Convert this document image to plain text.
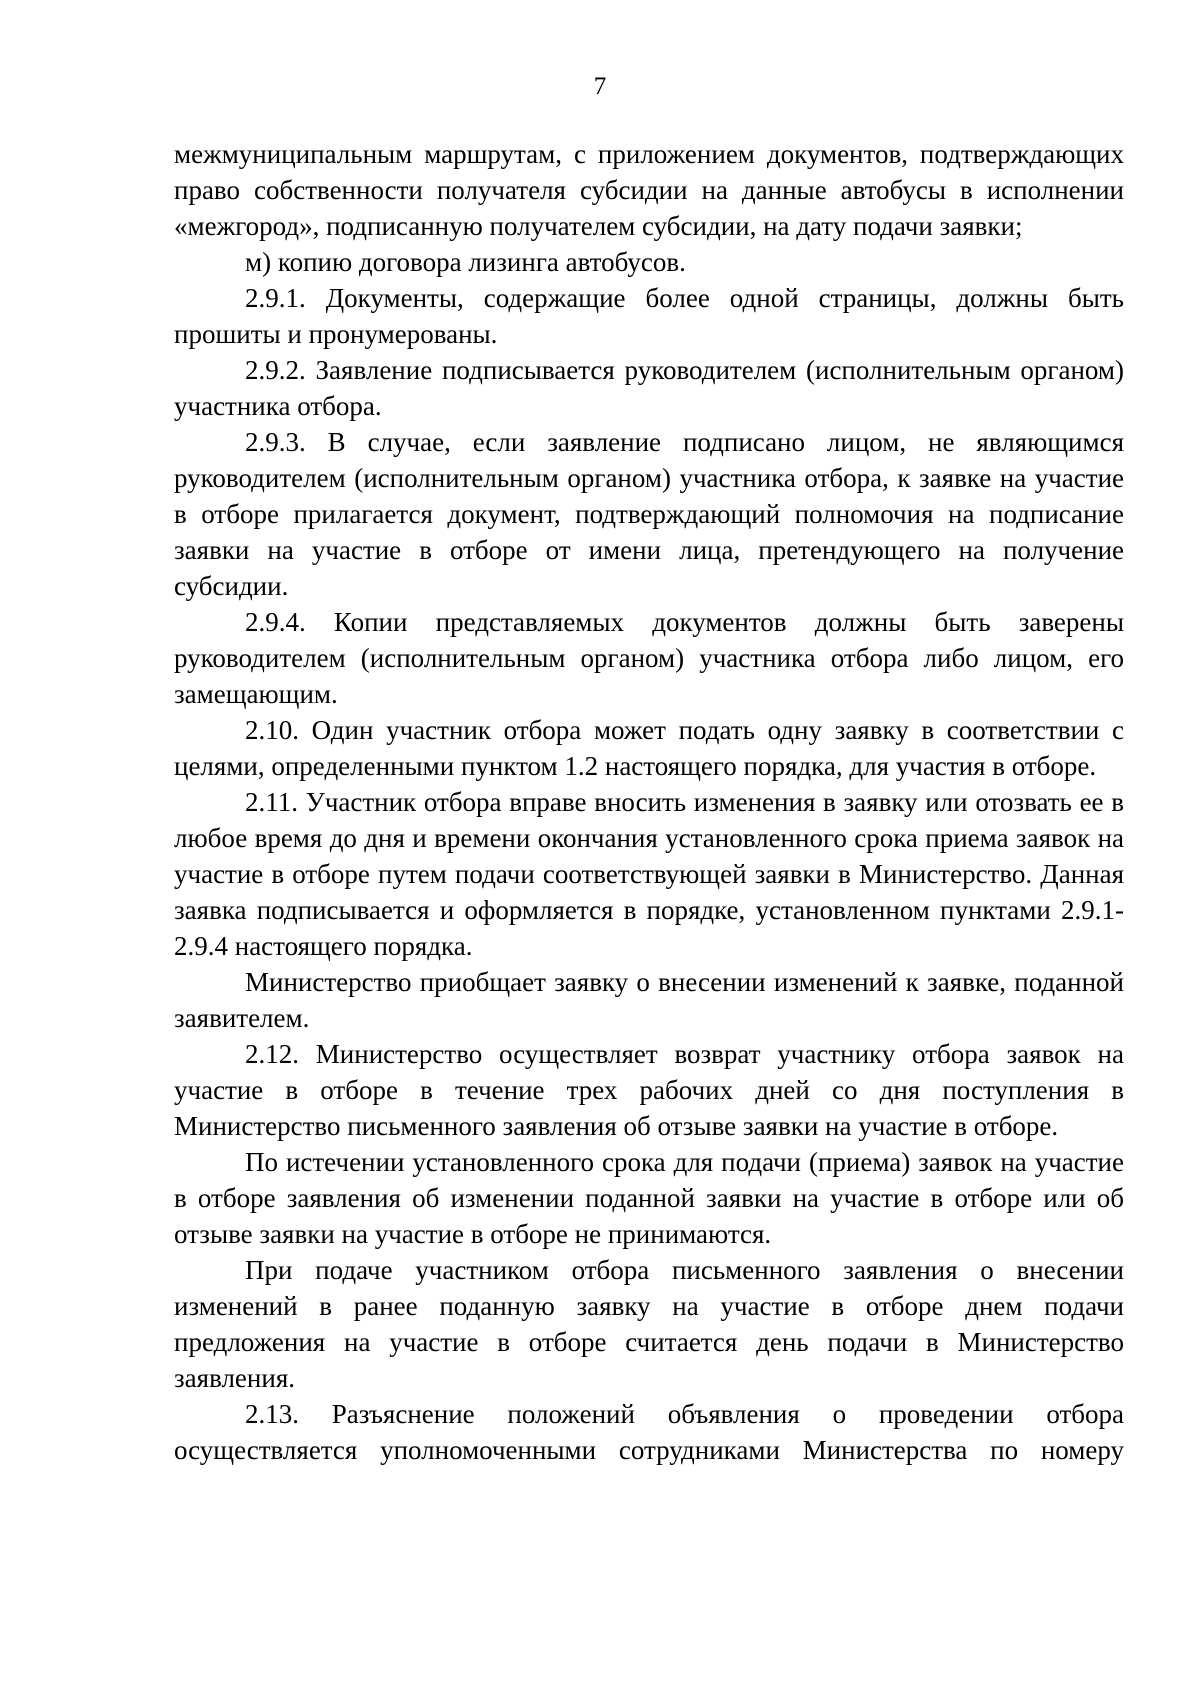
7

межмуниципальным маршрутам, с приложением документов, подтверждающих право собственности получателя субсидии на данные автобусы в исполнении «межгород», подписанную получателем субсидии, на дату подачи заявки;

м) копию договора лизинга автобусов.

2.9.1. Документы, содержащие более одной страницы, должны быть прошиты и пронумерованы.

2.9.2. Заявление подписывается руководителем (исполнительным органом) участника отбора.

2.9.3. В случае, если заявление подписано лицом, не являющимся руководителем (исполнительным органом) участника отбора, к заявке на участие в отборе прилагается документ, подтверждающий полномочия на подписание заявки на участие в отборе от имени лица, претендующего на получение субсидии.

2.9.4. Копии представляемых документов должны быть заверены руководителем (исполнительным органом) участника отбора либо лицом, его замещающим.

2.10. Один участник отбора может подать одну заявку в соответствии с целями, определенными пунктом 1.2 настоящего порядка, для участия в отборе.

2.11. Участник отбора вправе вносить изменения в заявку или отозвать ее в любое время до дня и времени окончания установленного срока приема заявок на участие в отборе путем подачи соответствующей заявки в Министерство. Данная заявка подписывается и оформляется в порядке, установленном пунктами 2.9.1-2.9.4 настоящего порядка.

Министерство приобщает заявку о внесении изменений к заявке, поданной заявителем.

2.12. Министерство осуществляет возврат участнику отбора заявок на участие в отборе в течение трех рабочих дней со дня поступления в Министерство письменного заявления об отзыве заявки на участие в отборе.

По истечении установленного срока для подачи (приема) заявок на участие в отборе заявления об изменении поданной заявки на участие в отборе или об отзыве заявки на участие в отборе не принимаются.

При подаче участником отбора письменного заявления о внесении изменений в ранее поданную заявку на участие в отборе днем подачи предложения на участие в отборе считается день подачи в Министерство заявления.

2.13. Разъяснение положений объявления о проведении отбора осуществляется уполномоченными сотрудниками Министерства по номеру
